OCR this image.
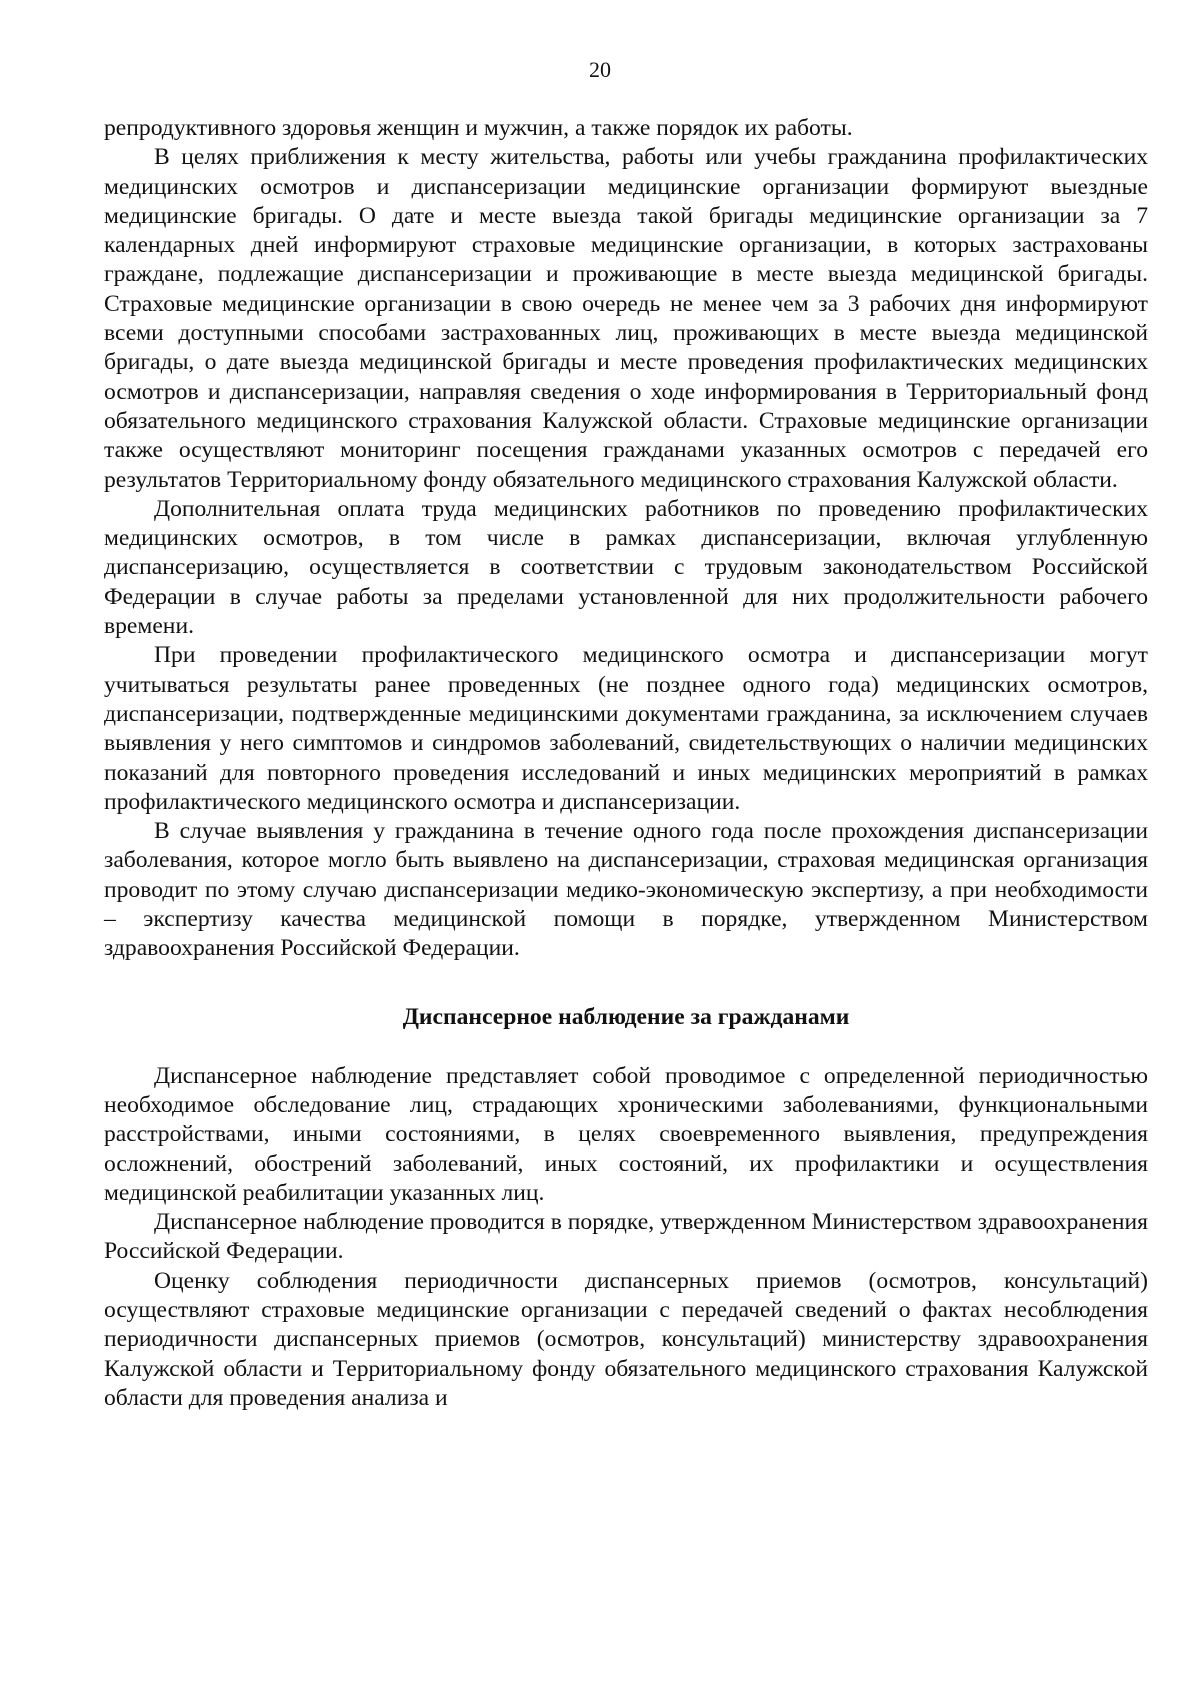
20

репродуктивного здоровья женщин и мужчин, а также порядок их работы.

В целях приближения к месту жительства, работы или учебы гражданина профилактических медицинских осмотров и диспансеризации медицинские организации формируют выездные медицинские бригады. О дате и месте выезда такой бригады медицинские организации за 7 календарных дней информируют страховые медицинские организации, в которых застрахованы граждане, подлежащие диспансеризации и проживающие в месте выезда медицинской бригады. Страховые медицинские организации в свою очередь не менее чем за 3 рабочих дня информируют всеми доступными способами застрахованных лиц, проживающих в месте выезда медицинской бригады, о дате выезда медицинской бригады и месте проведения профилактических медицинских осмотров и диспансеризации, направляя сведения о ходе информирования в Территориальный фонд обязательного медицинского страхования Калужской области. Страховые медицинские организации также осуществляют мониторинг посещения гражданами указанных осмотров с передачей его результатов Территориальному фонду обязательного медицинского страхования Калужской области.

Дополнительная оплата труда медицинских работников по проведению профилактических медицинских осмотров, в том числе в рамках диспансеризации, включая углубленную диспансеризацию, осуществляется в соответствии с трудовым законодательством Российской Федерации в случае работы за пределами установленной для них продолжительности рабочего времени.

При проведении профилактического медицинского осмотра и диспансеризации могут учитываться результаты ранее проведенных (не позднее одного года) медицинских осмотров, диспансеризации, подтвержденные медицинскими документами гражданина, за исключением случаев выявления у него симптомов и синдромов заболеваний, свидетельствующих о наличии медицинских показаний для повторного проведения исследований и иных медицинских мероприятий в рамках профилактического медицинского осмотра и диспансеризации.

В случае выявления у гражданина в течение одного года после прохождения диспансеризации заболевания, которое могло быть выявлено на диспансеризации, страховая медицинская организация проводит по этому случаю диспансеризации медико-экономическую экспертизу, а при необходимости – экспертизу качества медицинской помощи в порядке, утвержденном Министерством здравоохранения Российской Федерации.

Диспансерное наблюдение за гражданами

Диспансерное наблюдение представляет собой проводимое с определенной периодичностью необходимое обследование лиц, страдающих хроническими заболеваниями, функциональными расстройствами, иными состояниями, в целях своевременного выявления, предупреждения осложнений, обострений заболеваний, иных состояний, их профилактики и осуществления медицинской реабилитации указанных лиц.

Диспансерное наблюдение проводится в порядке, утвержденном Министерством здравоохранения Российской Федерации.

Оценку соблюдения периодичности диспансерных приемов (осмотров, консультаций) осуществляют страховые медицинские организации с передачей сведений о фактах несоблюдения периодичности диспансерных приемов (осмотров, консультаций) министерству здравоохранения Калужской области и Территориальному фонду обязательного медицинского страхования Калужской области для проведения анализа и
